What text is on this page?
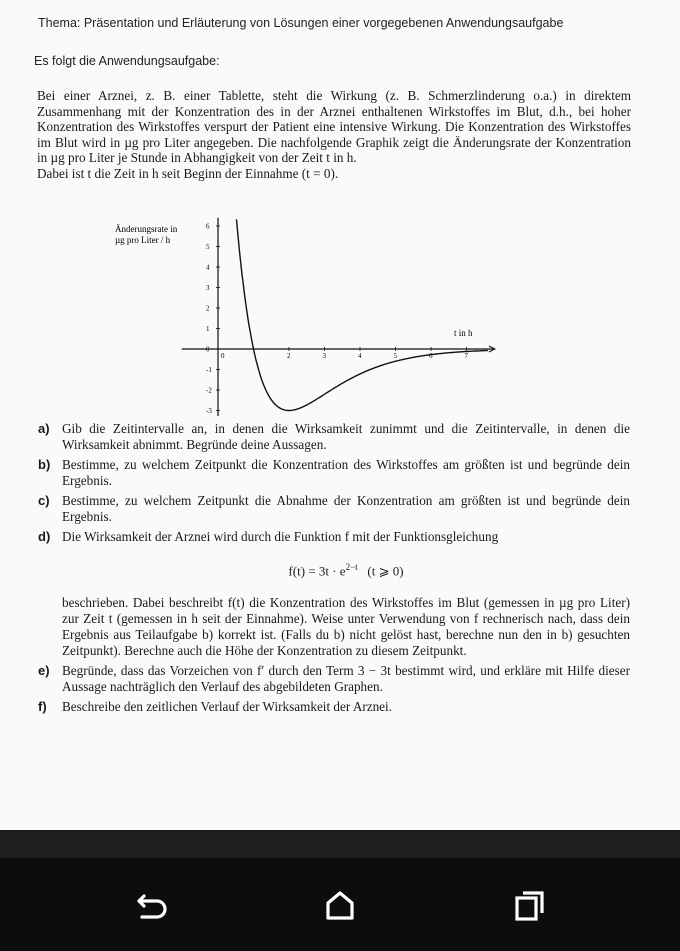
Thema: Präsentation und Erläuterung von Lösungen einer vorgegebenen Anwendungsaufgabe
Es folgt die Anwendungsaufgabe:

Bei einer Arznei, z. B. einer Tablette, steht die Wirkung (z. B. Schmerzlinderung o.a.) in direktem Zusammenhang mit der Konzentration des in der Arznei enthaltenen Wirkstoffes im Blut, d.h., bei hoher Konzentration des Wirkstoffes verspurt der Patient eine intensive Wirkung. Die Konzentration des Wirkstoffes im Blut wird in µg pro Liter angegeben. Die nachfolgende Graphik zeigt die Änderungsrate der Konzentration in µg pro Liter je Stunde in Abhangigkeit von der Zeit t in h.

Dabei ist t die Zeit in h seit Beginn der Einnahme (t = 0).

Änderungsrate in
µg pro Liter / h
t in h
0	2	3	4	5	6	7
6
5
4
3
2
1
0
-1
-2
-3
a) Gib die Zeitintervalle an, in denen die Wirksamkeit zunimmt und die Zeitintervalle, in denen die Wirksamkeit abnimmt. Begründe deine Aussagen.
b) Bestimme, zu welchem Zeitpunkt die Konzentration des Wirkstoffes am größten ist und begründe dein Ergebnis.
c) Bestimme, zu welchem Zeitpunkt die Abnahme der Konzentration am größten ist und begründe dein Ergebnis.
d) Die Wirksamkeit der Arznei wird durch die Funktion f mit der Funktionsgleichung
$f(t) = 3t \cdot e^{2-t}$ (t ⩾ 0)
beschrieben. Dabei beschreibt f(t) die Konzentration des Wirkstoffes im Blut (gemessen in µg pro Liter) zur Zeit t (gemessen in h seit der Einnahme). Weise unter Verwendung von f rechnerisch nach, dass dein Ergebnis aus Teilaufgabe b) korrekt ist. (Falls du b) nicht gelöst hast, berechne nun den in b) gesuchten Zeitpunkt). Berechne auch die Höhe der Konzentration zu diesem Zeitpunkt.
e) Begründe, dass das Vorzeichen von f′ durch den Term 3 − 3t bestimmt wird, und erkläre mit Hilfe dieser Aussage nachträglich den Verlauf des abgebildeten Graphen.
f) Beschreibe den zeitlichen Verlauf der Wirksamkeit der Arznei.
